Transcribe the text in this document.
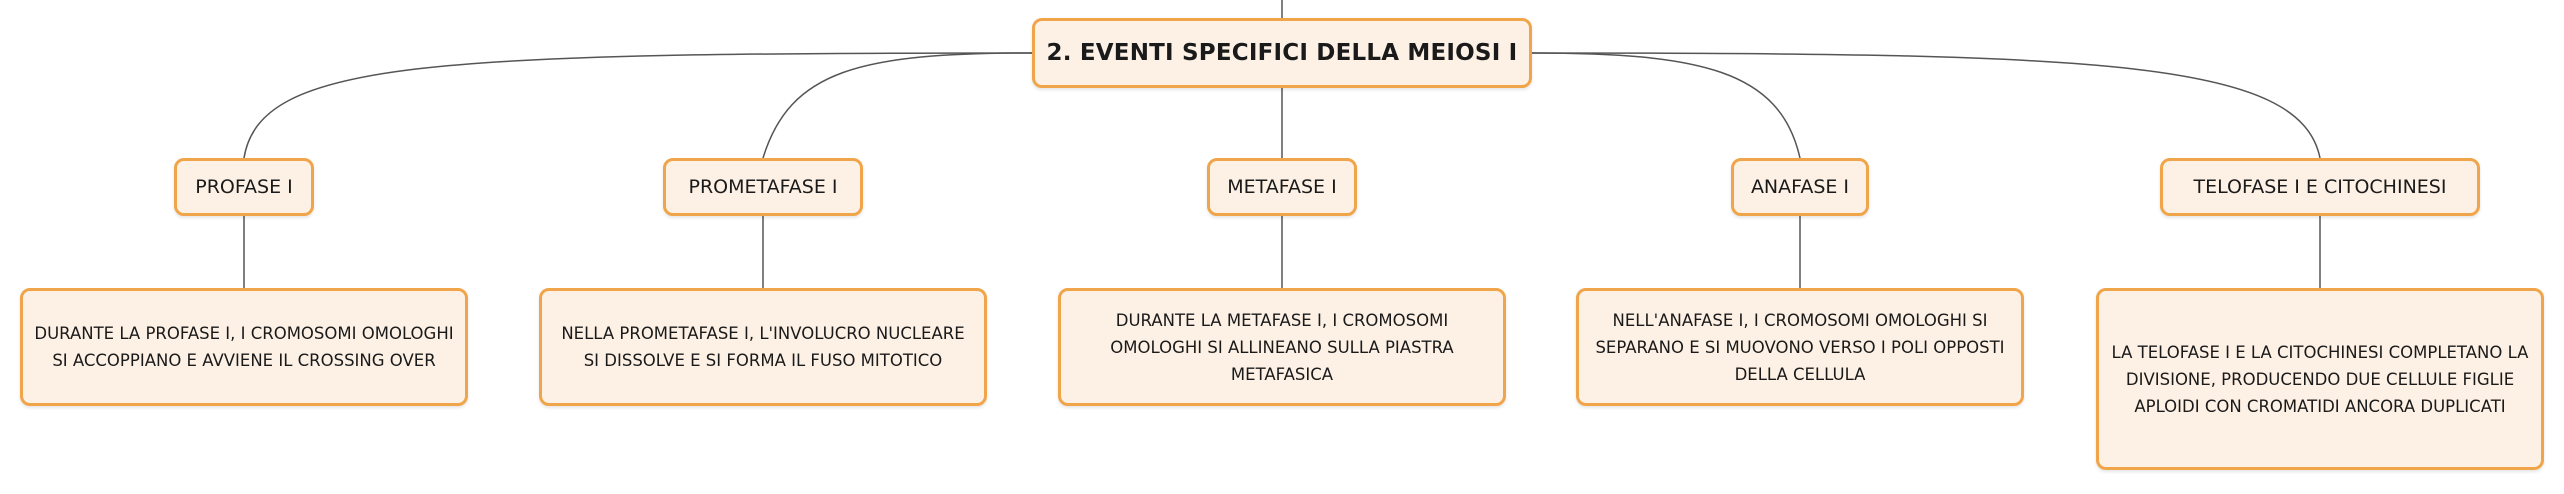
2. EVENTI SPECIFICI DELLA MEIOSI I
PROFASE I	PROMETAFASE I	METAFASE I	ANAFASE I	TELOFASE I E CITOCHINESI
DURANTE LA PROFASE I, I CROMOSOMI OMOLOGHI SI ACCOPPIANO E AVVIENE IL CROSSING OVER
NELLA PROMETAFASE I, L'INVOLUCRO NUCLEARE SI DISSOLVE E SI FORMA IL FUSO MITOTICO
DURANTE LA METAFASE I, I CROMOSOMI OMOLOGHI SI ALLINEANO SULLA PIASTRA METAFASICA
NELL'ANAFASE I, I CROMOSOMI OMOLOGHI SI SEPARANO E SI MUOVONO VERSO I POLI OPPOSTI DELLA CELLULA
LA TELOFASE I E LA CITOCHINESI COMPLETANO LA DIVISIONE, PRODUCENDO DUE CELLULE FIGLIE APLOIDI CON CROMATIDI ANCORA DUPLICATI
